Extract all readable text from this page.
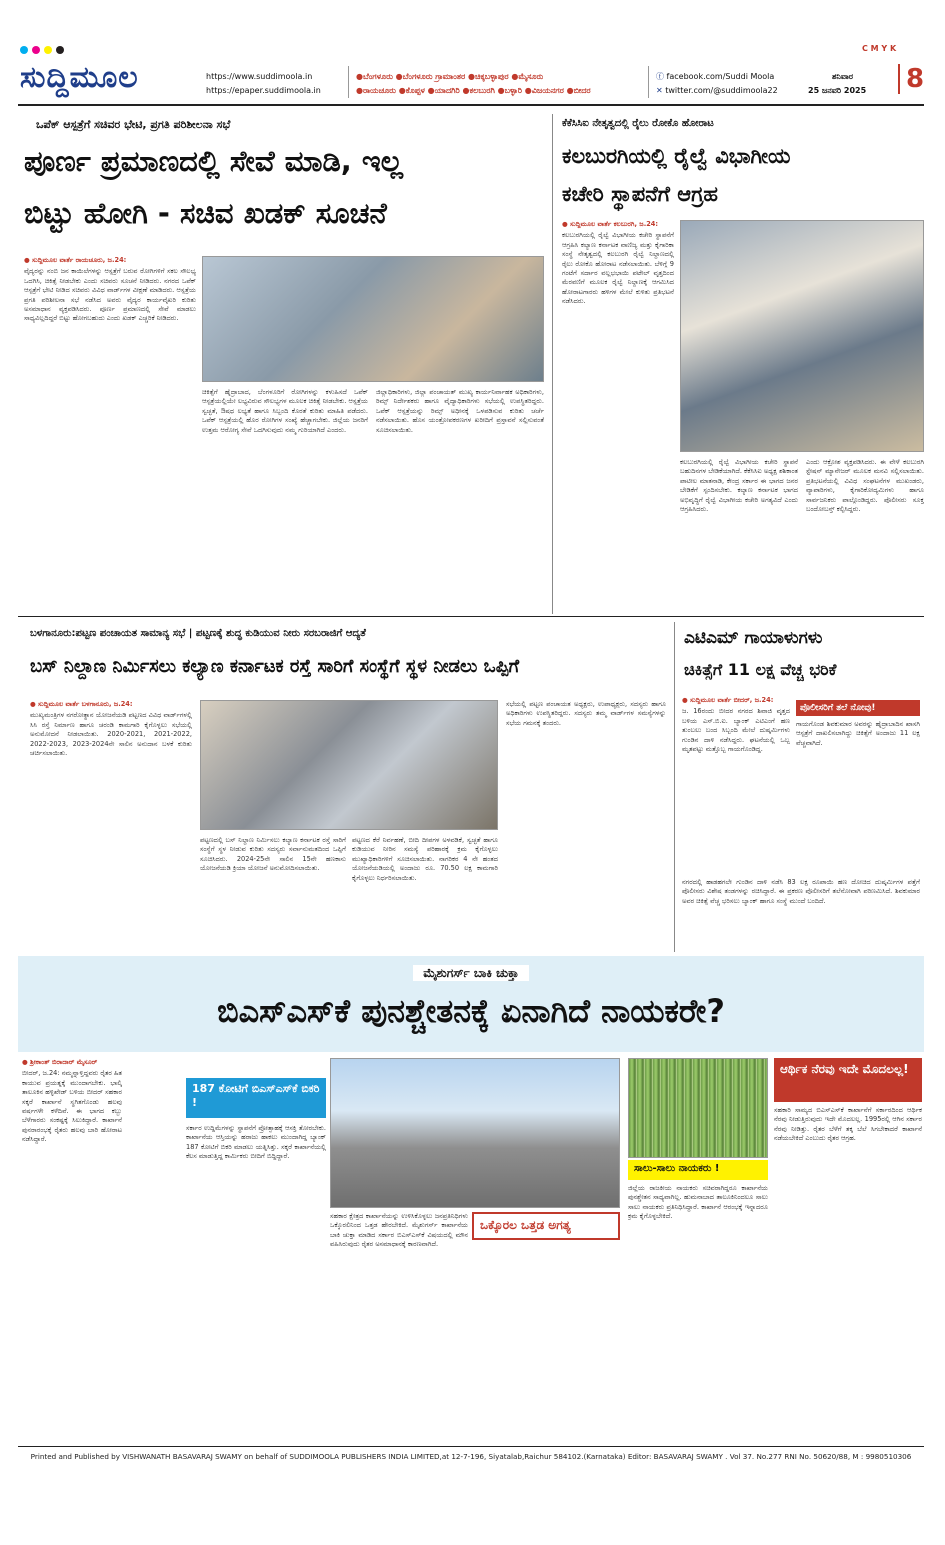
C M Y K
ಸುದ್ದಿಮೂಲ	https://www.suddimoola.in
https://epaper.suddimoola.in
●ಬೆಂಗಳೂರು ●ಬೆಂಗಳೂರು ಗ್ರಾಮಾಂತರ ●ಚಿಕ್ಕಬಳ್ಳಾಪುರ ●ಮೈಸೂರು
●ರಾಯಚೂರು ●ಕೊಪ್ಪಳ ●ಯಾದಗಿರಿ ●ಕಲಬುರಗಿ ●ಬಳ್ಳಾರಿ ●ವಿಜಯನಗರ ●ಬೀದರ
ⓕ facebook.com/Suddi Moola
✕ twitter.com/@suddimoola22
ಶನಿವಾರ
25 ಜನವರಿ 2025	8
ಒಪೆಕ್ ಆಸ್ಪತ್ರೆಗೆ ಸಚಿವರ ಭೇಟಿ, ಪ್ರಗತಿ ಪರಿಶೀಲನಾ ಸಭೆ
ಪೂರ್ಣ ಪ್ರಮಾಣದಲ್ಲಿ ಸೇವೆ ಮಾಡಿ, ಇಲ್ಲ
ಬಿಟ್ಟು ಹೋಗಿ - ಸಚಿವ ಖಡಕ್ ಸೂಚನೆ

● ಸುದ್ದಿಮೂಲ ವಾರ್ತೆ ರಾಯಚೂರು, ಜ.24:

ವೈದ್ಯರನ್ನು ನಂಬಿ ಜನ ಕಾಯಿಲೆಗಳನ್ನು ಆಸ್ಪತ್ರೆಗೆ ಬರುವ ರೋಗಿಗಳಿಗೆ ಸಕಲ ಸೌಲಭ್ಯ ಒದಗಿಸಿ, ಚಿಕಿತ್ಸೆ ನೀಡಬೇಕು ಎಂದು ಸಚಿವರು ಸೂಚನೆ ನೀಡಿದರು. ನಗರದ ಒಪೆಕ್ ಆಸ್ಪತ್ರೆಗೆ ಭೇಟಿ ನೀಡಿದ ಸಚಿವರು ವಿವಿಧ ವಾರ್ಡ್‌ಗಳ ವೀಕ್ಷಣೆ ಮಾಡಿದರು. ಆಸ್ಪತ್ರೆಯ ಪ್ರಗತಿ ಪರಿಶೀಲನಾ ಸಭೆ ನಡೆಸಿದ ಅವರು ವೈದ್ಯರ ಕಾರ್ಯವೈಖರಿ ಕುರಿತು ಅಸಮಾಧಾನ ವ್ಯಕ್ತಪಡಿಸಿದರು. ಪೂರ್ಣ ಪ್ರಮಾಣದಲ್ಲಿ ಸೇವೆ ಮಾಡಲು ಸಾಧ್ಯವಿಲ್ಲದಿದ್ದರೆ ಬಿಟ್ಟು ಹೋಗಬಹುದು ಎಂದು ಖಡಕ್ ಎಚ್ಚರಿಕೆ ನೀಡಿದರು.

ಚಿಕಿತ್ಸೆಗೆ ಹೈದ್ರಾಬಾದ, ಬೆಂಗಳೂರಿಗೆ ರೋಗಿಗಳನ್ನು ಕಳುಹಿಸದೆ ಒಪೆಕ್ ಆಸ್ಪತ್ರೆಯಲ್ಲಿಯೇ ಲಭ್ಯವಿರುವ ಸೌಲಭ್ಯಗಳ ಮೂಲಕ ಚಿಕಿತ್ಸೆ ನೀಡಬೇಕು. ಆಸ್ಪತ್ರೆಯ ಸ್ವಚ್ಛತೆ, ಔಷಧ ಲಭ್ಯತೆ ಹಾಗೂ ಸಿಬ್ಬಂದಿ ಕೊರತೆ ಕುರಿತು ಮಾಹಿತಿ ಪಡೆದರು. ಒಪೆಕ್ ಆಸ್ಪತ್ರೆಯಲ್ಲಿ ಹೊರ ರೋಗಿಗಳ ಸಂಖ್ಯೆ ಹೆಚ್ಚಾಗಬೇಕು. ಜಿಲ್ಲೆಯ ಜನರಿಗೆ ಉತ್ತಮ ಆರೋಗ್ಯ ಸೇವೆ ಒದಗಿಸುವುದು ನಮ್ಮ ಗುರಿಯಾಗಿದೆ ಎಂದರು.

ಜಿಲ್ಲಾಧಿಕಾರಿಗಳು, ಜಿಲ್ಲಾ ಪಂಚಾಯತ್ ಮುಖ್ಯ ಕಾರ್ಯನಿರ್ವಾಹಕ ಅಧಿಕಾರಿಗಳು, ರಿಮ್ಸ್ ನಿರ್ದೇಶಕರು ಹಾಗೂ ವೈದ್ಯಾಧಿಕಾರಿಗಳು ಸಭೆಯಲ್ಲಿ ಉಪಸ್ಥಿತರಿದ್ದರು. ಒಪೆಕ್ ಆಸ್ಪತ್ರೆಯನ್ನು ರಿಮ್ಸ್ ಅಧೀನಕ್ಕೆ ಒಳಪಡಿಸುವ ಕುರಿತು ಚರ್ಚೆ ನಡೆಸಲಾಯಿತು. ಹೊಸ ಯಂತ್ರೋಪಕರಣಗಳ ಖರೀದಿಗೆ ಪ್ರಸ್ತಾವನೆ ಸಲ್ಲಿಸುವಂತೆ ಸೂಚಿಸಲಾಯಿತು.

ಕೆಕೆಸಿಸಿಐ ನೇತೃತ್ವದಲ್ಲಿ ರೈಲು ರೋಕೊ ಹೋರಾಟ
ಕಲಬುರಗಿಯಲ್ಲಿ ರೈಲ್ವೆ ವಿಭಾಗೀಯ
ಕಚೇರಿ ಸ್ಥಾಪನೆಗೆ ಆಗ್ರಹ

● ಸುದ್ದಿಮೂಲ ವಾರ್ತೆ ಕಲಬುರಗಿ, ಜ.24:

ಕಲಬುರಗಿಯಲ್ಲಿ ರೈಲ್ವೆ ವಿಭಾಗೀಯ ಕಚೇರಿ ಸ್ಥಾಪನೆಗೆ ಆಗ್ರಹಿಸಿ ಕಲ್ಯಾಣ ಕರ್ನಾಟಕ ವಾಣಿಜ್ಯ ಮತ್ತು ಕೈಗಾರಿಕಾ ಸಂಸ್ಥೆ ನೇತೃತ್ವದಲ್ಲಿ ಕಲಬುರಗಿ ರೈಲ್ವೆ ನಿಲ್ದಾಣದಲ್ಲಿ ರೈಲು ರೋಕೊ ಹೋರಾಟ ನಡೆಸಲಾಯಿತು. ಬೆಳಿಗ್ಗೆ 9 ಗಂಟೆಗೆ ಸರ್ದಾರ ವಲ್ಲಭಭಾಯಿ ಪಟೇಲ್ ವೃತ್ತದಿಂದ ಮೆರವಣಿಗೆ ಮೂಲಕ ರೈಲ್ವೆ ನಿಲ್ದಾಣಕ್ಕೆ ಆಗಮಿಸಿದ ಹೋರಾಟಗಾರರು ಹಳಿಗಳ ಮೇಲೆ ಕುಳಿತು ಪ್ರತಿಭಟನೆ ನಡೆಸಿದರು.

ಕಲಬುರಗಿಯಲ್ಲಿ ರೈಲ್ವೆ ವಿಭಾಗೀಯ ಕಚೇರಿ ಸ್ಥಾಪನೆ ಬಹುದಿನಗಳ ಬೇಡಿಕೆಯಾಗಿದೆ. ಕೆಕೆಸಿಸಿಐ ಅಧ್ಯಕ್ಷ ಶಶಿಕಾಂತ ಪಾಟೀಲ ಮಾತನಾಡಿ, ಕೇಂದ್ರ ಸರ್ಕಾರ ಈ ಭಾಗದ ಜನರ ಬೇಡಿಕೆಗೆ ಸ್ಪಂದಿಸಬೇಕು. ಕಲ್ಯಾಣ ಕರ್ನಾಟಕ ಭಾಗದ ಅಭಿವೃದ್ಧಿಗೆ ರೈಲ್ವೆ ವಿಭಾಗೀಯ ಕಚೇರಿ ಅಗತ್ಯವಿದೆ ಎಂದು ಆಗ್ರಹಿಸಿದರು.

ಎಂದು ಆಕ್ರೋಶ ವ್ಯಕ್ತಪಡಿಸಿದರು. ಈ ವೇಳೆ ಕಲಬುರಗಿ ಸ್ಟೇಷನ್ ಮ್ಯಾನೇಜರ್ ಮೂಲಕ ಮನವಿ ಸಲ್ಲಿಸಲಾಯಿತು. ಪ್ರತಿಭಟನೆಯಲ್ಲಿ ವಿವಿಧ ಸಂಘಟನೆಗಳ ಮುಖಂಡರು, ವ್ಯಾಪಾರಿಗಳು, ಕೈಗಾರಿಕೋದ್ಯಮಿಗಳು ಹಾಗೂ ಸಾರ್ವಜನಿಕರು ಪಾಲ್ಗೊಂಡಿದ್ದರು. ಪೊಲೀಸರು ಸೂಕ್ತ ಬಂದೋಬಸ್ತ್ ಕಲ್ಪಿಸಿದ್ದರು.

ಬಳಗಾನೂರು:ಪಟ್ಟಣ ಪಂಚಾಯತ ಸಾಮಾನ್ಯ ಸಭೆ | ಪಟ್ಟಣಕ್ಕೆ ಶುದ್ಧ ಕುಡಿಯುವ ನೀರು ಸರಬರಾಜಿಗೆ ಆದ್ಯತೆ
ಬಸ್ ನಿಲ್ದಾಣ ನಿರ್ಮಿಸಲು ಕಲ್ಯಾಣ ಕರ್ನಾಟಕ ರಸ್ತೆ ಸಾರಿಗೆ ಸಂಸ್ಥೆಗೆ ಸ್ಥಳ ನೀಡಲು ಒಪ್ಪಿಗೆ

● ಸುದ್ದಿಮೂಲ ವಾರ್ತೆ ಬಳಗಾನೂರು, ಜ.24:

ಮುಖ್ಯಮಂತ್ರಿಗಳ ನಗರೋತ್ಥಾನ ಯೋಜನೆಯಡಿ ಪಟ್ಟಣದ ವಿವಿಧ ವಾರ್ಡ್‌ಗಳಲ್ಲಿ ಸಿಸಿ ರಸ್ತೆ ನಿರ್ಮಾಣ ಹಾಗೂ ಚರಂಡಿ ಕಾಮಗಾರಿ ಕೈಗೊಳ್ಳಲು ಸಭೆಯಲ್ಲಿ ಅನುಮೋದನೆ ನೀಡಲಾಯಿತು. 2020-2021, 2021-2022, 2022-2023, 2023-2024ನೇ ಸಾಲಿನ ಅನುದಾನ ಬಳಕೆ ಕುರಿತು ಚರ್ಚಿಸಲಾಯಿತು.

ಪಟ್ಟಣದಲ್ಲಿ ಬಸ್ ನಿಲ್ದಾಣ ನಿರ್ಮಿಸಲು ಕಲ್ಯಾಣ ಕರ್ನಾಟಕ ರಸ್ತೆ ಸಾರಿಗೆ ಸಂಸ್ಥೆಗೆ ಸ್ಥಳ ನೀಡುವ ಕುರಿತು ಸದಸ್ಯರು ಸರ್ವಾನುಮತದಿಂದ ಒಪ್ಪಿಗೆ ಸೂಚಿಸಿದರು. 2024-25ನೇ ಸಾಲಿನ 15ನೇ ಹಣಕಾಸು ಯೋಜನೆಯಡಿ ಕ್ರಿಯಾ ಯೋಜನೆ ಅನುಮೋದಿಸಲಾಯಿತು.

ಪಟ್ಟಣದ ಕೆರೆ ನಿರ್ವಹಣೆ, ಬೀದಿ ದೀಪಗಳ ಅಳವಡಿಕೆ, ಸ್ವಚ್ಛತೆ ಹಾಗೂ ಕುಡಿಯುವ ನೀರಿನ ಸಮಸ್ಯೆ ಪರಿಹಾರಕ್ಕೆ ಕ್ರಮ ಕೈಗೊಳ್ಳಲು ಮುಖ್ಯಾಧಿಕಾರಿಗಳಿಗೆ ಸೂಚಿಸಲಾಯಿತು. ನಾಗರಿಕರ 4 ನೇ ಹಂತದ ಯೋಜನೆಯಡಿಯಲ್ಲಿ ಅಂದಾಜು ರೂ. 70.50 ಲಕ್ಷ ಕಾಮಗಾರಿ ಕೈಗೊಳ್ಳಲು ನಿರ್ಧರಿಸಲಾಯಿತು.

ಸಭೆಯಲ್ಲಿ ಪಟ್ಟಣ ಪಂಚಾಯತ ಅಧ್ಯಕ್ಷರು, ಉಪಾಧ್ಯಕ್ಷರು, ಸದಸ್ಯರು ಹಾಗೂ ಅಧಿಕಾರಿಗಳು ಉಪಸ್ಥಿತರಿದ್ದರು. ಸದಸ್ಯರು ತಮ್ಮ ವಾರ್ಡ್‌ಗಳ ಸಮಸ್ಯೆಗಳನ್ನು ಸಭೆಯ ಗಮನಕ್ಕೆ ತಂದರು.

ಎಟಿಎಮ್ ಗಾಯಾಳುಗಳು
ಚಿಕಿತ್ಸೆಗೆ 11 ಲಕ್ಷ ವೆಚ್ಚ ಭರಿಕೆ

● ಸುದ್ದಿಮೂಲ ವಾರ್ತೆ ಬೀದರ್, ಜ.24:

ಜ. 16ರಂದು ಬೀದರ ನಗರದ ಶಿವಾಜಿ ವೃತ್ತದ ಬಳಿಯ ಎಸ್.ಬಿ.ಐ. ಬ್ಯಾಂಕ್ ಎಟಿಎಂಗೆ ಹಣ ತುಂಬಲು ಬಂದ ಸಿಬ್ಬಂದಿ ಮೇಲೆ ದುಷ್ಕರ್ಮಿಗಳು ಗುಂಡಿನ ದಾಳಿ ನಡೆಸಿದ್ದರು. ಘಟನೆಯಲ್ಲಿ ಒಬ್ಬ ಮೃತಪಟ್ಟು ಮತ್ತೊಬ್ಬ ಗಾಯಗೊಂಡಿದ್ದ.

ಪೊಲೀಸರಿಗೆ ತಲೆ ನೋವು!

ಗಾಯಗೊಂಡ ಶಿವಕುಮಾರ ಅವರನ್ನು ಹೈದ್ರಾಬಾದಿನ ಖಾಸಗಿ ಆಸ್ಪತ್ರೆಗೆ ದಾಖಲಿಸಲಾಗಿದ್ದು ಚಿಕಿತ್ಸೆಗೆ ಅಂದಾಜು 11 ಲಕ್ಷ ವೆಚ್ಚವಾಗಿದೆ.

ನಗರದಲ್ಲಿ ಹಾಡಹಗಲೇ ಗುಂಡಿನ ದಾಳಿ ನಡೆಸಿ 83 ಲಕ್ಷ ರೂಪಾಯಿ ಹಣ ದೋಚಿದ ದುಷ್ಕರ್ಮಿಗಳ ಪತ್ತೆಗೆ ಪೊಲೀಸರು ವಿಶೇಷ ತಂಡಗಳನ್ನು ರಚಿಸಿದ್ದಾರೆ. ಈ ಪ್ರಕರಣ ಪೊಲೀಸರಿಗೆ ತಲೆನೋವಾಗಿ ಪರಿಣಮಿಸಿದೆ. ಶಿವಕುಮಾರ ಅವರ ಚಿಕಿತ್ಸೆ ವೆಚ್ಚ ಭರಿಸಲು ಬ್ಯಾಂಕ್ ಹಾಗೂ ಸಂಸ್ಥೆ ಮುಂದೆ ಬಂದಿದೆ.

ಮೈಶುಗರ್ಸ್ ಬಾಕಿ ಚುಕ್ತಾ
ಬಿಎಸ್‌ಎಸ್‌ಕೆ ಪುನಶ್ಚೇತನಕ್ಕೆ ಏನಾಗಿದೆ ನಾಯಕರೇ?

● ಶ್ರೀಕಾಂತ್ ಬಿರಾದಾರ್ ಮೈಸೂರ್

ಬೀದರ್, ಜ.24: ನಮ್ಮನ್ನಾಳ್ತಿದ್ದವರು ರೈತರ ಹಿತ ಕಾಯುವ ಪ್ರಯತ್ನಕ್ಕೆ ಮುಂದಾಗಬೇಕು. ಭಾಲ್ಕಿ ತಾಲೂಕಿನ ಹಳ್ಳಿಖೇಡ್ ಬಳಿಯ ಬೀದರ್ ಸಹಕಾರ ಸಕ್ಕರೆ ಕಾರ್ಖಾನೆ ಸ್ಥಗಿತಗೊಂಡು ಹಲವು ವರ್ಷಗಳೇ ಕಳೆದಿವೆ. ಈ ಭಾಗದ ಕಬ್ಬು ಬೆಳೆಗಾರರು ಸಂಕಷ್ಟಕ್ಕೆ ಸಿಲುಕಿದ್ದಾರೆ. ಕಾರ್ಖಾನೆ ಪುನರಾರಂಭಕ್ಕೆ ರೈತರು ಹಲವು ಬಾರಿ ಹೋರಾಟ ನಡೆಸಿದ್ದಾರೆ.

187 ಕೋಟಿಗೆ ಬಿಎಸ್‌ಎಸ್‌ಕೆ ಬಿಕರಿ !

ಸರ್ಕಾರ ಉದ್ದಿಮೆಗಳನ್ನು ಸ್ಥಾಪನೆಗೆ ಪ್ರೋತ್ಸಾಹಕ್ಕೆ ಆಸಕ್ತಿ ತೋರಬೇಕು. ಕಾರ್ಖಾನೆಯ ಆಸ್ತಿಯನ್ನು ಹರಾಜು ಹಾಕಲು ಮುಂದಾಗಿದ್ದ ಬ್ಯಾಂಕ್ 187 ಕೋಟಿಗೆ ಬಿಕರಿ ಮಾಡಲು ಯತ್ನಿಸಿತ್ತು. ಸಕ್ಕರೆ ಕಾರ್ಖಾನೆಯಲ್ಲಿ ಕೆಲಸ ಮಾಡುತ್ತಿದ್ದ ಕಾರ್ಮಿಕರು ಬೀದಿಗೆ ಬಿದ್ದಿದ್ದಾರೆ.

ಒಕ್ಕೊರಲ ಒತ್ತಡ ಅಗತ್ಯ

ಸಹಕಾರ ಕ್ಷೇತ್ರದ ಕಾರ್ಖಾನೆಯನ್ನು ಉಳಿಸಿಕೊಳ್ಳಲು ಜನಪ್ರತಿನಿಧಿಗಳು ಒಕ್ಕೊರಲಿನಿಂದ ಒತ್ತಡ ಹೇರಬೇಕಿದೆ. ಮೈಶುಗರ್ಸ್ ಕಾರ್ಖಾನೆಯ ಬಾಕಿ ಚುಕ್ತಾ ಮಾಡಿದ ಸರ್ಕಾರ ಬಿಎಸ್‌ಎಸ್‌ಕೆ ವಿಷಯದಲ್ಲಿ ಮೌನ ವಹಿಸಿರುವುದು ರೈತರ ಅಸಮಾಧಾನಕ್ಕೆ ಕಾರಣವಾಗಿದೆ.

ಸಾಲು-ಸಾಲು ನಾಯಕರು !

ಜಿಲ್ಲೆಯ ರಾಜಕೀಯ ನಾಯಕರು ಸಚಿವರಾಗಿದ್ದರೂ ಕಾರ್ಖಾನೆಯ ಪುನಶ್ಚೇತನ ಸಾಧ್ಯವಾಗಿಲ್ಲ. ಹುಮನಾಬಾದ ತಾಲೂಕಿನಿಂದಲೂ ಸಾಲು ಸಾಲು ನಾಯಕರು ಪ್ರತಿನಿಧಿಸಿದ್ದಾರೆ. ಕಾರ್ಖಾನೆ ಆರಂಭಕ್ಕೆ ಇನ್ನಾದರೂ ಕ್ರಮ ಕೈಗೊಳ್ಳಬೇಕಿದೆ.

ಆರ್ಥಿಕ ನೆರವು ಇದೇ ಮೊದಲಲ್ಲ!

ಸಹಕಾರಿ ಸಾಮ್ಯದ ಬಿಎಸ್‌ಎಸ್‌ಕೆ ಕಾರ್ಖಾನೆಗೆ ಸರ್ಕಾರದಿಂದ ಆರ್ಥಿಕ ನೆರವು ನೀಡುತ್ತಿರುವುದು ಇದೇ ಮೊದಲಲ್ಲ. 1995ರಲ್ಲಿ ಆಗಿನ ಸರ್ಕಾರ ನೆರವು ನೀಡಿತ್ತು. ರೈತರ ಬೆಳೆಗೆ ತಕ್ಕ ಬೆಲೆ ಸಿಗಬೇಕಾದರೆ ಕಾರ್ಖಾನೆ ನಡೆಯಬೇಕಿದೆ ಎಂಬುದು ರೈತರ ಆಗ್ರಹ.

Printed and Published by VISHWANATH BASAVARAJ SWAMY on behalf of SUDDIMOOLA PUBLISHERS INDIA LIMITED,at 12-7-196, Siyatalab,Raichur 584102.(Karnataka) Editor: BASAVARAJ SWAMY . Vol 37. No.277 RNI No. 50620/88, M : 9980510306
